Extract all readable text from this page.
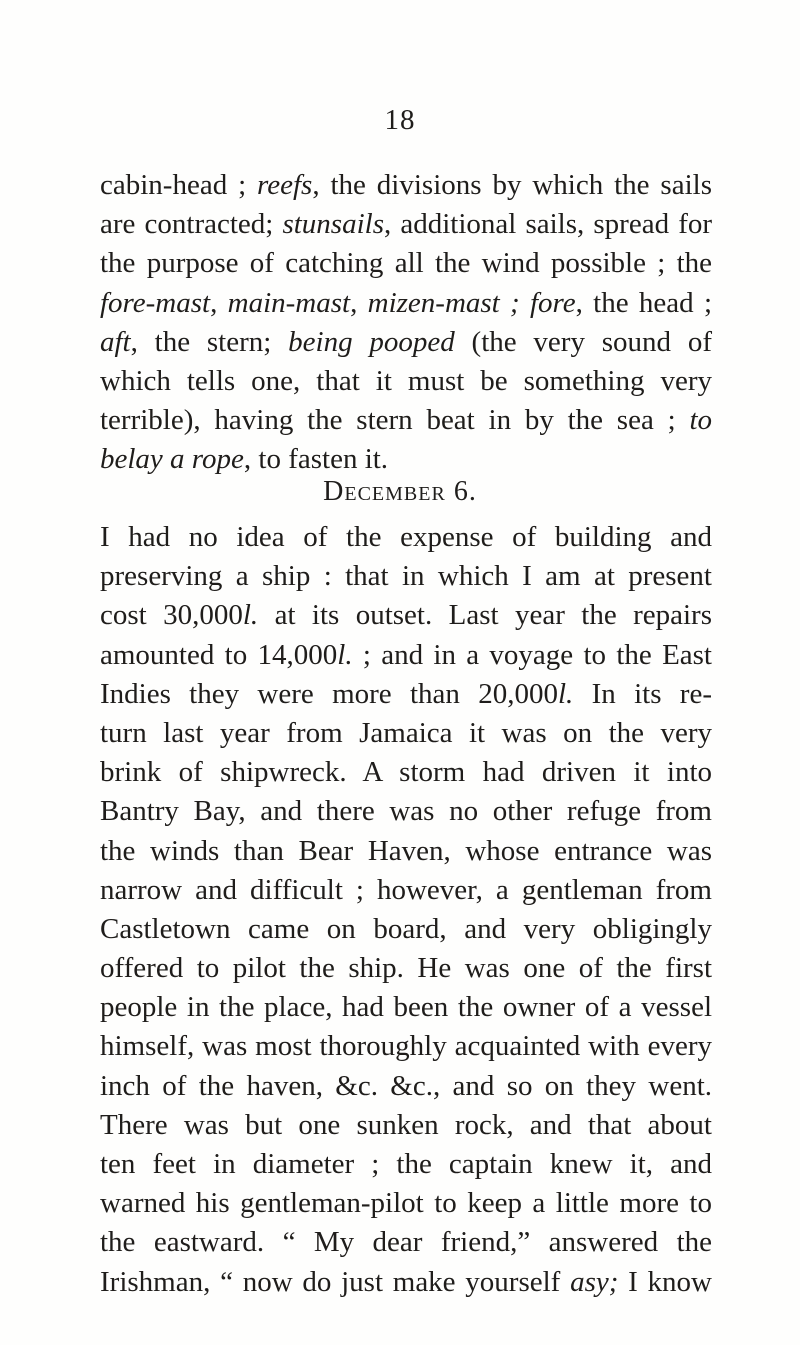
18
cabin-head ; reefs, the divisions by which the sails
are contracted; stunsails, additional sails, spread for
the purpose of catching all the wind possible ; the
fore-mast, main-mast, mizen-mast ; fore, the head ;
aft, the stern; being pooped (the very sound of
which tells one, that it must be something very
terrible), having the stern beat in by the sea ; to
belay a rope, to fasten it.
December 6.
I had no idea of the expense of building and
preserving a ship : that in which I am at present
cost 30,000l. at its outset. Last year the repairs
amounted to 14,000l. ; and in a voyage to the East
Indies they were more than 20,000l. In its re-
turn last year from Jamaica it was on the very
brink of shipwreck. A storm had driven it into
Bantry Bay, and there was no other refuge from
the winds than Bear Haven, whose entrance was
narrow and difficult ; however, a gentleman from
Castletown came on board, and very obligingly
offered to pilot the ship. He was one of the first
people in the place, had been the owner of a vessel
himself, was most thoroughly acquainted with every
inch of the haven, &c. &c., and so on they went.
There was but one sunken rock, and that about
ten feet in diameter ; the captain knew it, and
warned his gentleman-pilot to keep a little more to
the eastward. “ My dear friend,” answered the
Irishman, “ now do just make yourself asy; I know
